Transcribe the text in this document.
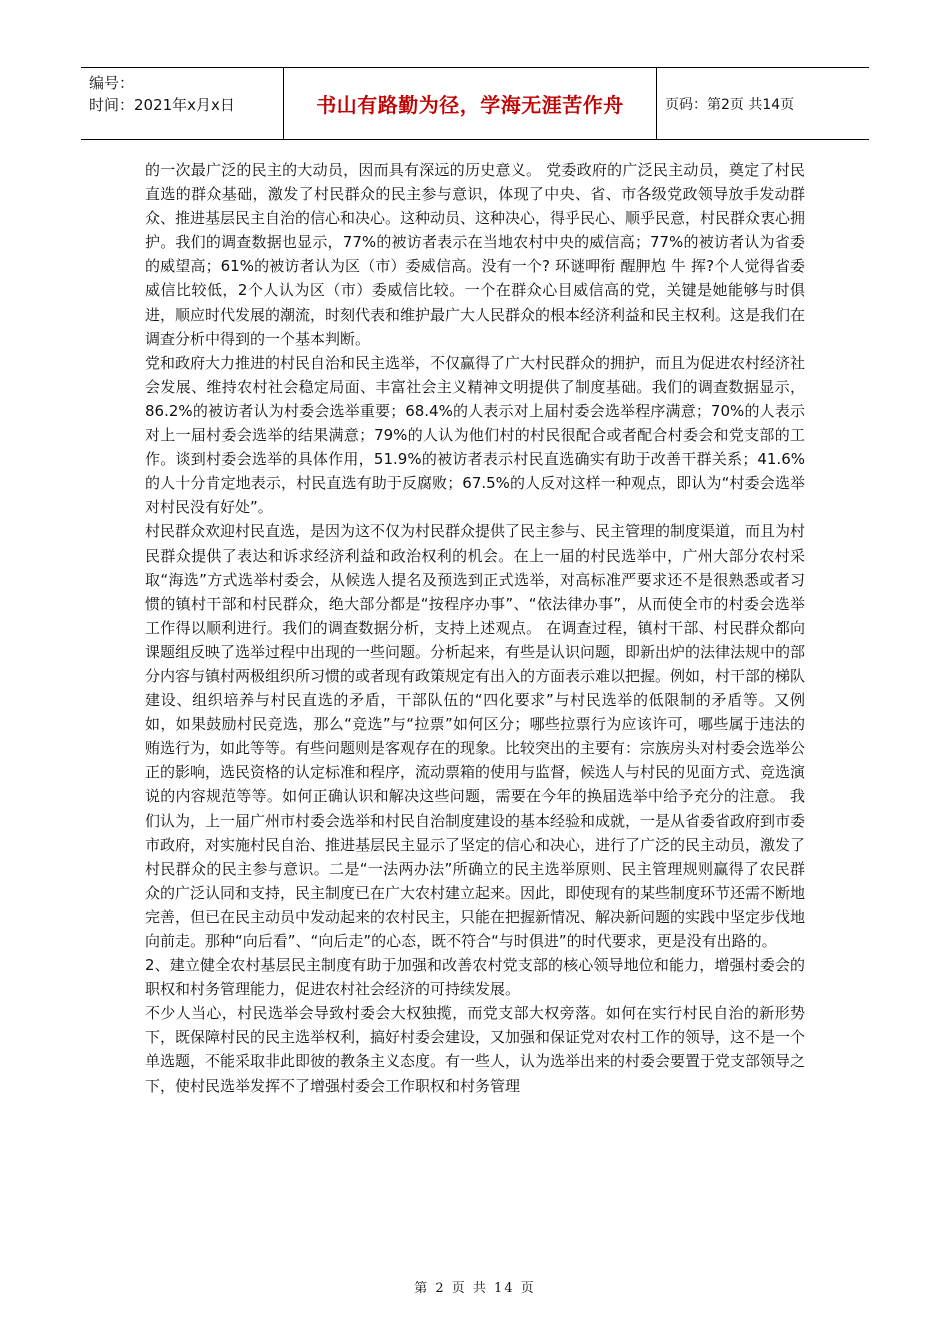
编号：
时间：2021年x月x日	书山有路勤为径，学海无涯苦作舟	页码：第2页 共14页

的一次最广泛的民主的大动员，因而具有深远的历史意义。 党委政府的广泛民主动员，奠定了村民直选的群众基础，激发了村民群众的民主参与意识，体现了中央、省、市各级党政领导放手发动群众、推进基层民主自治的信心和决心。这种动员、这种决心，得乎民心、顺乎民意，村民群众衷心拥护。我们的调查数据也显示，77%的被访者表示在当地农村中央的威信高；77%的被访者认为省委的威望高；61%的被访者认为区（市）委威信高。没有一个? 环谜呷衔 醒胛尥 牛 挥?个人觉得省委威信比较低，2个人认为区（市）委威信比较。一个在群众心目威信高的党，关键是她能够与时俱进，顺应时代发展的潮流，时刻代表和维护最广大人民群众的根本经济利益和民主权利。这是我们在调查分析中得到的一个基本判断。

党和政府大力推进的村民自治和民主选举，不仅赢得了广大村民群众的拥护，而且为促进农村经济社会发展、维持农村社会稳定局面、丰富社会主义精神文明提供了制度基础。我们的调查数据显示，86.2%的被访者认为村委会选举重要；68.4%的人表示对上届村委会选举程序满意；70%的人表示对上一届村委会选举的结果满意；79%的人认为他们村的村民很配合或者配合村委会和党支部的工作。谈到村委会选举的具体作用，51.9%的被访者表示村民直选确实有助于改善干群关系；41.6%的人十分肯定地表示，村民直选有助于反腐败；67.5%的人反对这样一种观点，即认为“村委会选举对村民没有好处”。

村民群众欢迎村民直选，是因为这不仅为村民群众提供了民主参与、民主管理的制度渠道，而且为村民群众提供了表达和诉求经济利益和政治权利的机会。在上一届的村民选举中，广州大部分农村采取“海选”方式选举村委会，从候选人提名及预选到正式选举，对高标准严要求还不是很熟悉或者习惯的镇村干部和村民群众，绝大部分都是“按程序办事”、“依法律办事”，从而使全市的村委会选举工作得以顺利进行。我们的调查数据分析，支持上述观点。 在调查过程，镇村干部、村民群众都向课题组反映了选举过程中出现的一些问题。分析起来，有些是认识问题，即新出炉的法律法规中的部分内容与镇村两极组织所习惯的或者现有政策规定有出入的方面表示难以把握。例如，村干部的梯队建设、组织培养与村民直选的矛盾，干部队伍的“四化要求”与村民选举的低限制的矛盾等。又例如，如果鼓励村民竞选，那么“竞选”与“拉票”如何区分；哪些拉票行为应该许可，哪些属于违法的贿选行为，如此等等。有些问题则是客观存在的现象。比较突出的主要有：宗族房头对村委会选举公正的影响，选民资格的认定标准和程序，流动票箱的使用与监督，候选人与村民的见面方式、竞选演说的内容规范等等。如何正确认识和解决这些问题，需要在今年的换届选举中给予充分的注意。 我们认为，上一届广州市村委会选举和村民自治制度建设的基本经验和成就，一是从省委省政府到市委市政府，对实施村民自治、推进基层民主显示了坚定的信心和决心，进行了广泛的民主动员，激发了村民群众的民主参与意识。二是“一法两办法”所确立的民主选举原则、民主管理规则赢得了农民群众的广泛认同和支持，民主制度已在广大农村建立起来。因此，即使现有的某些制度环节还需不断地完善，但已在民主动员中发动起来的农村民主，只能在把握新情况、解决新问题的实践中坚定步伐地向前走。那种“向后看”、“向后走”的心态，既不符合“与时俱进”的时代要求，更是没有出路的。

2、建立健全农村基层民主制度有助于加强和改善农村党支部的核心领导地位和能力，增强村委会的职权和村务管理能力，促进农村社会经济的可持续发展。

不少人当心，村民选举会导致村委会大权独揽，而党支部大权旁落。如何在实行村民自治的新形势下，既保障村民的民主选举权利，搞好村委会建设，又加强和保证党对农村工作的领导，这不是一个单选题，不能采取非此即彼的教条主义态度。有一些人，认为选举出来的村委会要置于党支部领导之下，使村民选举发挥不了增强村委会工作职权和村务管理

第 2 页 共 14 页
